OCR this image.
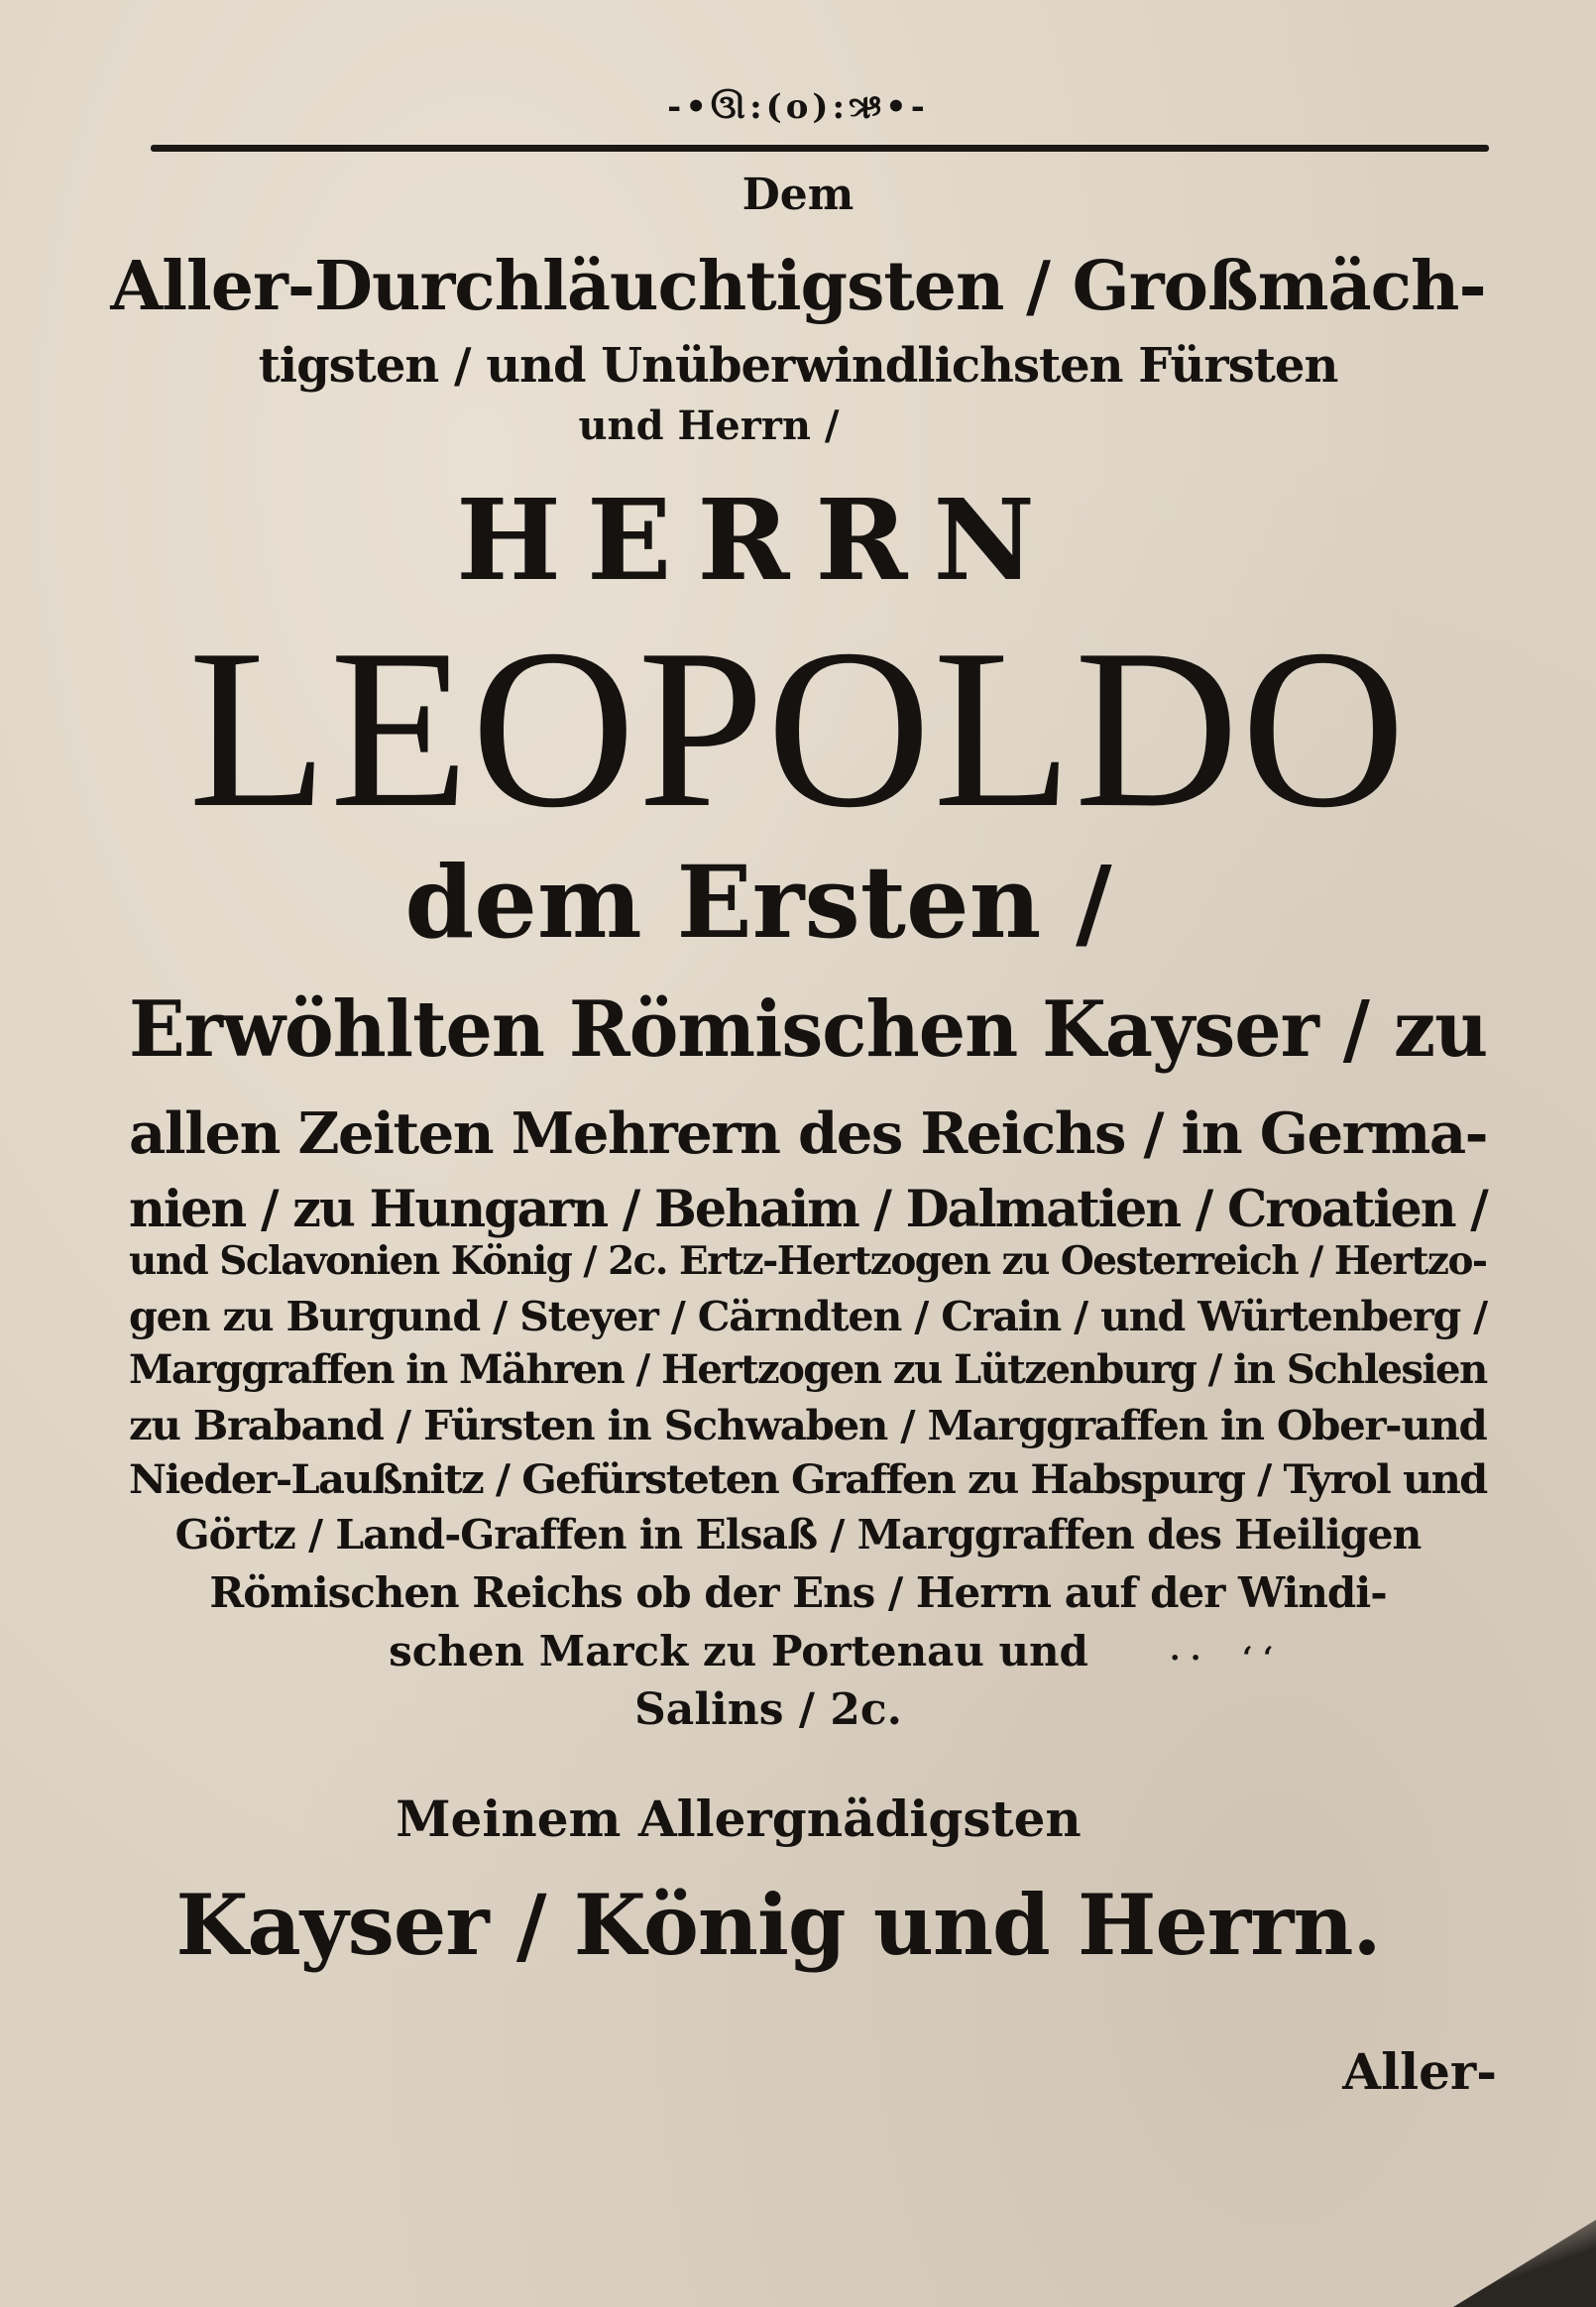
-•ઊ:(o):ઋ•-
Dem
Aller-Durchläuchtigsten / Großmäch-
tigsten / und Unüberwindlichsten Fürsten
und Herrn /
HERRN
LEOPOLDO
dem Ersten /
Erwöhlten Römischen Kayser / zu
allen Zeiten Mehrern des Reichs / in Germa-
nien / zu Hungarn / Behaim / Dalmatien / Croatien /
und Sclavonien König / 2c. Ertz-Hertzogen zu Oesterreich / Hertzo-
gen zu Burgund / Steyer / Cärndten / Crain / und Würtenberg /
Marggraffen in Mähren / Hertzogen zu Lützenburg / in Schlesien
zu Braband / Fürsten in Schwaben / Marggraffen in Ober-und
Nieder-Laußnitz / Gefürsteten Graffen zu Habspurg / Tyrol und
Görtz / Land-Graffen in Elsaß / Marggraffen des Heiligen
Römischen Reichs ob der Ens / Herrn auf der Windi-
schen Marck zu Portenau und	· ·    ‘ ‘
Salins / 2c.
Meinem Allergnädigsten
Kayser / König und Herrn.
Aller-
